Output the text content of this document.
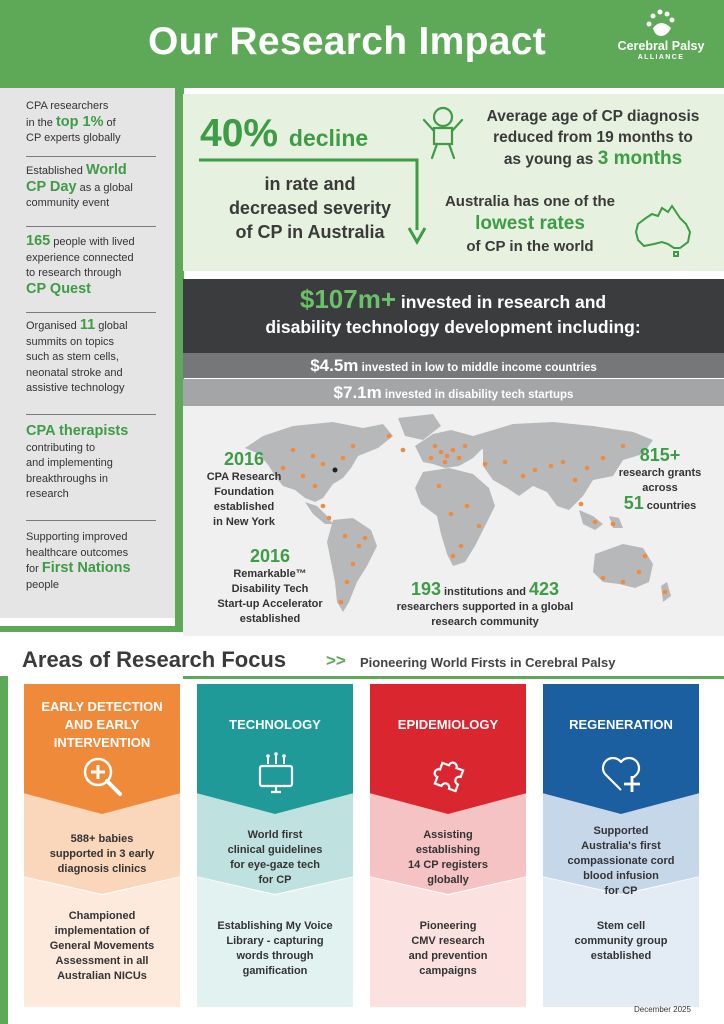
Our Research Impact	Cerebral Palsy
ALLIANCE
CPA researchers
in the top 1% of
CP experts globally
Established World
CP Day as a global
community event
165 people with lived
experience connected
to research through
CP Quest
Organised 11 global
summits on topics
such as stem cells,
neonatal stroke and
assistive technology
CPA therapists
contributing to
and implementing
breakthroughs in
research
Supporting improved
healthcare outcomes
for First Nations
people
40% decline
in rate and
decreased severity
of CP in Australia
Average age of CP diagnosis
reduced from 19 months to
as young as 3 months
Australia has one of the
lowest rates
of CP in the world
$107m+ invested in research and
disability technology development including:
$4.5m invested in low to middle income countries
$7.1m invested in disability tech startups
2016
CPA Research
Foundation
established
in New York
2016
Remarkable™
Disability Tech
Start-up Accelerator
established
815+
research grants
across
51 countries
193 institutions and 423
researchers supported in a global
research community
Areas of Research Focus >> Pioneering World Firsts in Cerebral Palsy
EARLY DETECTION
AND EARLY
INTERVENTION
588+ babies
supported in 3 early
diagnosis clinics
Championed
implementation of
General Movements
Assessment in all
Australian NICUs
TECHNOLOGY
World first
clinical guidelines
for eye-gaze tech
for CP
Establishing My Voice
Library - capturing
words through
gamification
EPIDEMIOLOGY
Assisting
establishing
14 CP registers
globally
Pioneering
CMV research
and prevention
campaigns
REGENERATION
Supported
Australia's first
compassionate cord
blood infusion
for CP
Stem cell
community group
established
December 2025
